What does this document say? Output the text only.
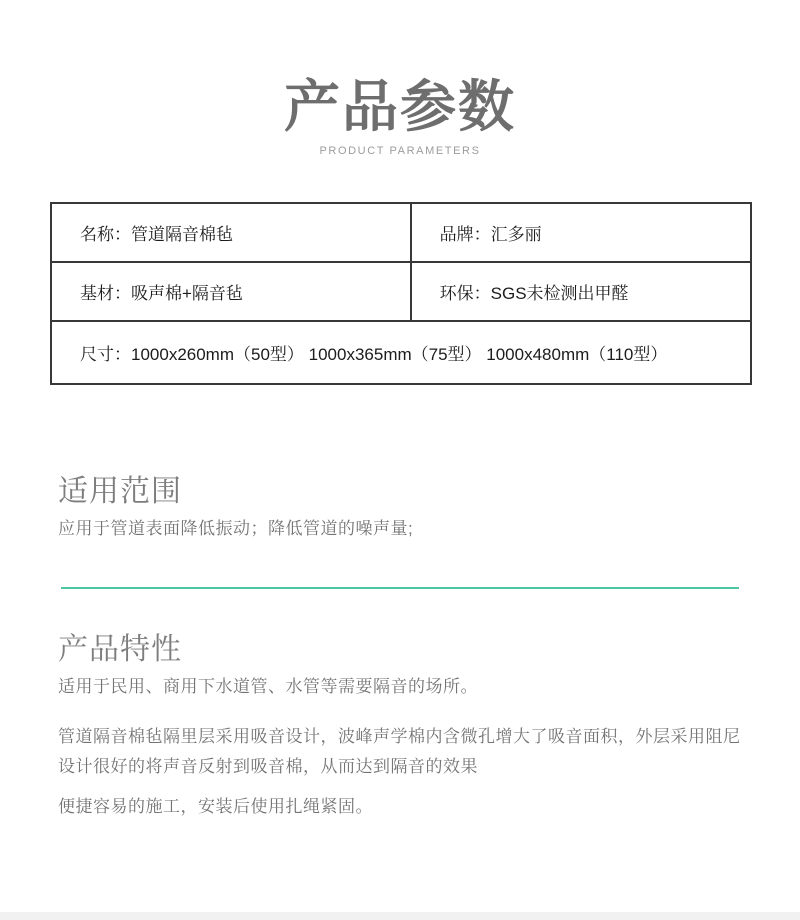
产品参数
PRODUCT PARAMETERS
名称：管道隔音棉毡	品牌：汇多丽
基材：吸声棉+隔音毡	环保：SGS未检测出甲醛
尺寸：1000x260mm（50型） 1000x365mm（75型） 1000x480mm（110型）	
适用范围
应用于管道表面降低振动；降低管道的噪声量;
产品特性
适用于民用、商用下水道管、水管等需要隔音的场所。
管道隔音棉毡隔里层采用吸音设计，波峰声学棉内含微孔增大了吸音面积，外层采用阻尼设计很好的将声音反射到吸音棉，从而达到隔音的效果
便捷容易的施工，安装后使用扎绳紧固。
